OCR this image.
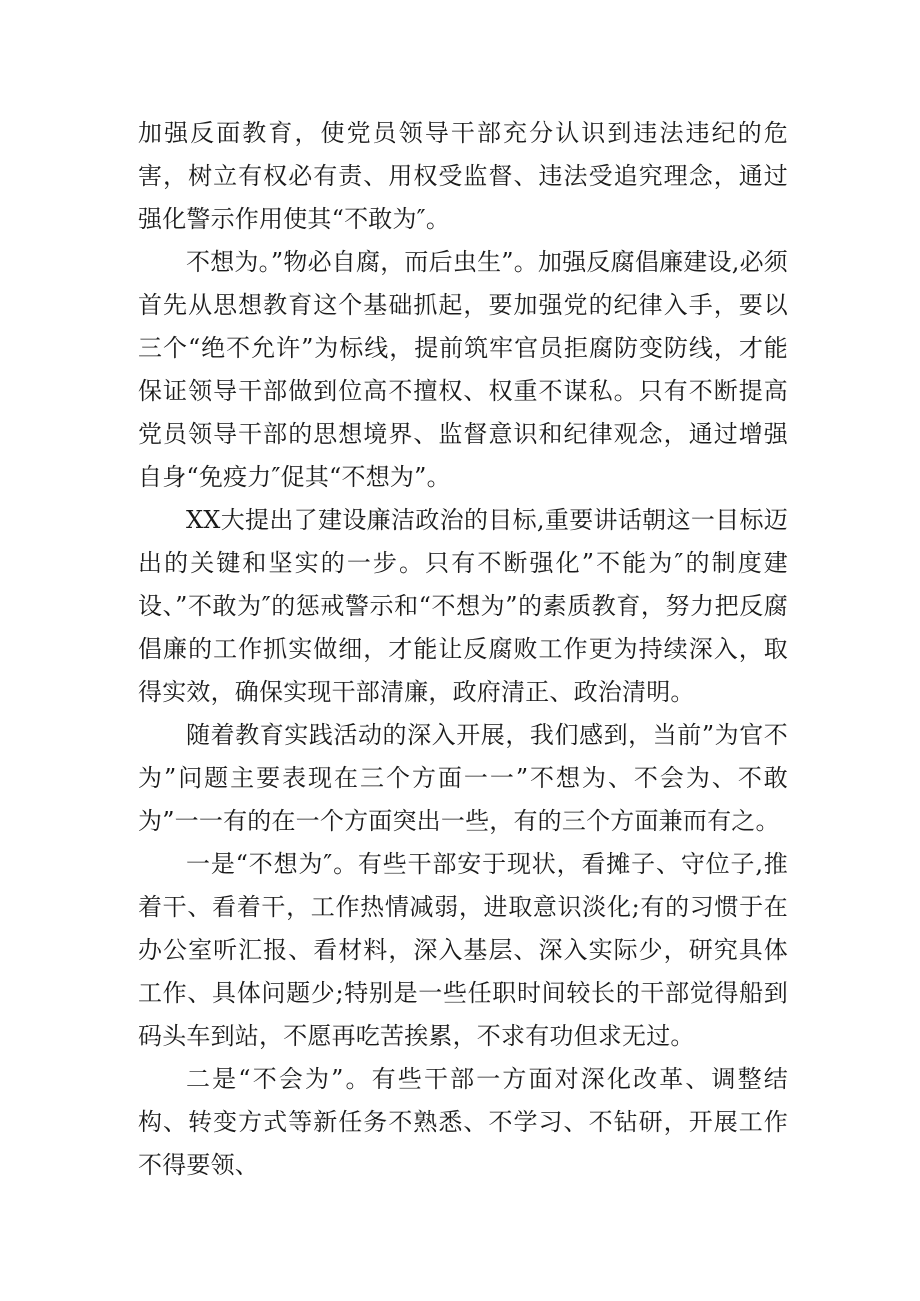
加强反面教育，使党员领导干部充分认识到违法违纪的危害，树立有权必有责、用权受监督、违法受追究理念，通过强化警示作用使其“不敢为″。

不想为。”物必自腐，而后虫生”。加强反腐倡廉建设,必须首先从思想教育这个基础抓起，要加强党的纪律入手，要以三个“绝不允许”为标线，提前筑牢官员拒腐防变防线，才能保证领导干部做到位高不擅权、权重不谋私。只有不断提高党员领导干部的思想境界、监督意识和纪律观念，通过增强自身“免疫力″促其“不想为”。

XX大提出了建设廉洁政治的目标,重要讲话朝这一目标迈出的关键和坚实的一步。只有不断强化”不能为″的制度建设、”不敢为″的惩戒警示和“不想为”的素质教育，努力把反腐倡廉的工作抓实做细，才能让反腐败工作更为持续深入，取得实效，确保实现干部清廉，政府清正、政治清明。

随着教育实践活动的深入开展，我们感到，当前”为官不为”问题主要表现在三个方面一一”不想为、不会为、不敢为”一一有的在一个方面突出一些，有的三个方面兼而有之。

一是“不想为″。有些干部安于现状，看摊子、守位子,推着干、看着干，工作热情减弱，进取意识淡化;有的习惯于在办公室听汇报、看材料，深入基层、深入实际少，研究具体工作、具体问题少;特别是一些任职时间较长的干部觉得船到码头车到站，不愿再吃苦挨累，不求有功但求无过。

二是“不会为”。有些干部一方面对深化改革、调整结构、转变方式等新任务不熟悉、不学习、不钻研，开展工作不得要领、
